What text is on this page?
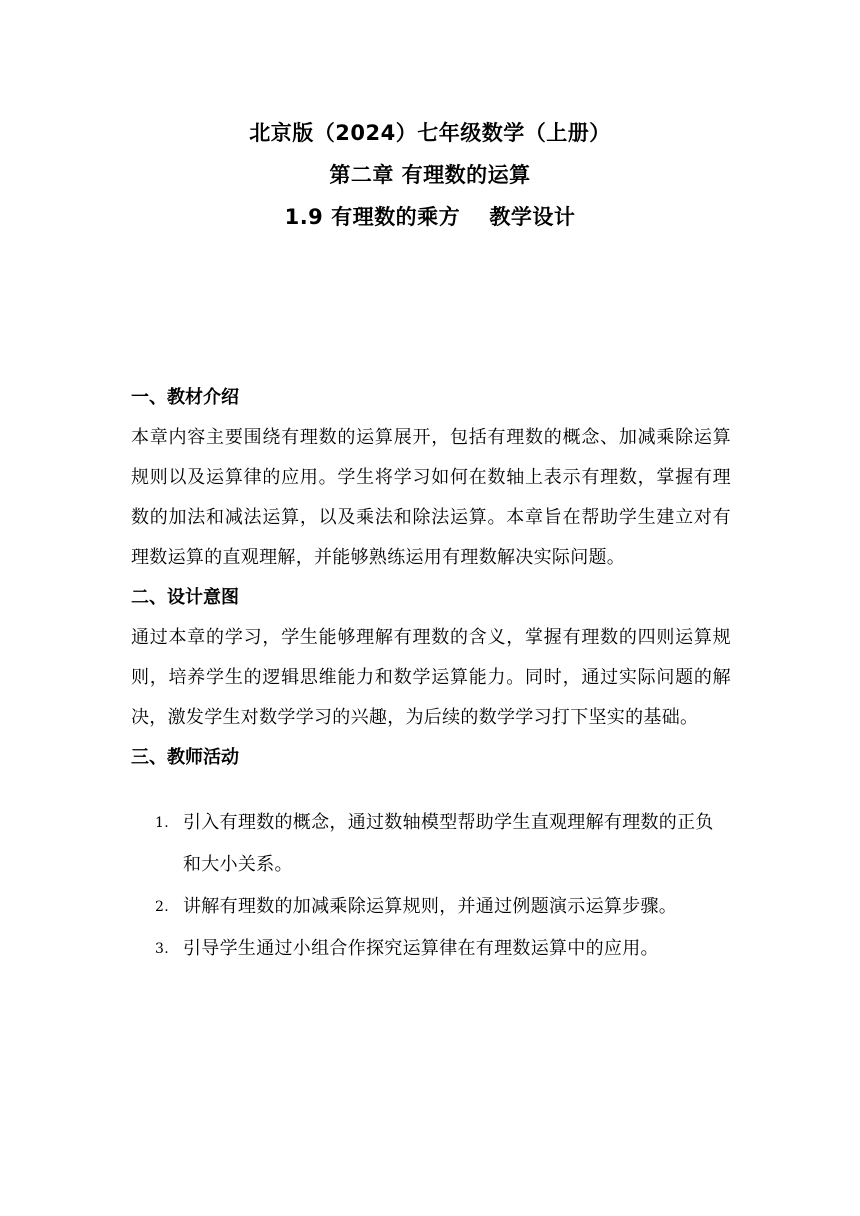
北京版（2024）七年级数学（上册）
第二章 有理数的运算
1.9 有理数的乘方　 教学设计
一、教材介绍

本章内容主要围绕有理数的运算展开，包括有理数的概念、加减乘除运算规则以及运算律的应用。学生将学习如何在数轴上表示有理数，掌握有理数的加法和减法运算，以及乘法和除法运算。本章旨在帮助学生建立对有理数运算的直观理解，并能够熟练运用有理数解决实际问题。

二、设计意图

通过本章的学习，学生能够理解有理数的含义，掌握有理数的四则运算规则，培养学生的逻辑思维能力和数学运算能力。同时，通过实际问题的解决，激发学生对数学学习的兴趣，为后续的数学学习打下坚实的基础。

三、教师活动
1. 引入有理数的概念，通过数轴模型帮助学生直观理解有理数的正负和大小关系。
2. 讲解有理数的加减乘除运算规则，并通过例题演示运算步骤。
3. 引导学生通过小组合作探究运算律在有理数运算中的应用。
